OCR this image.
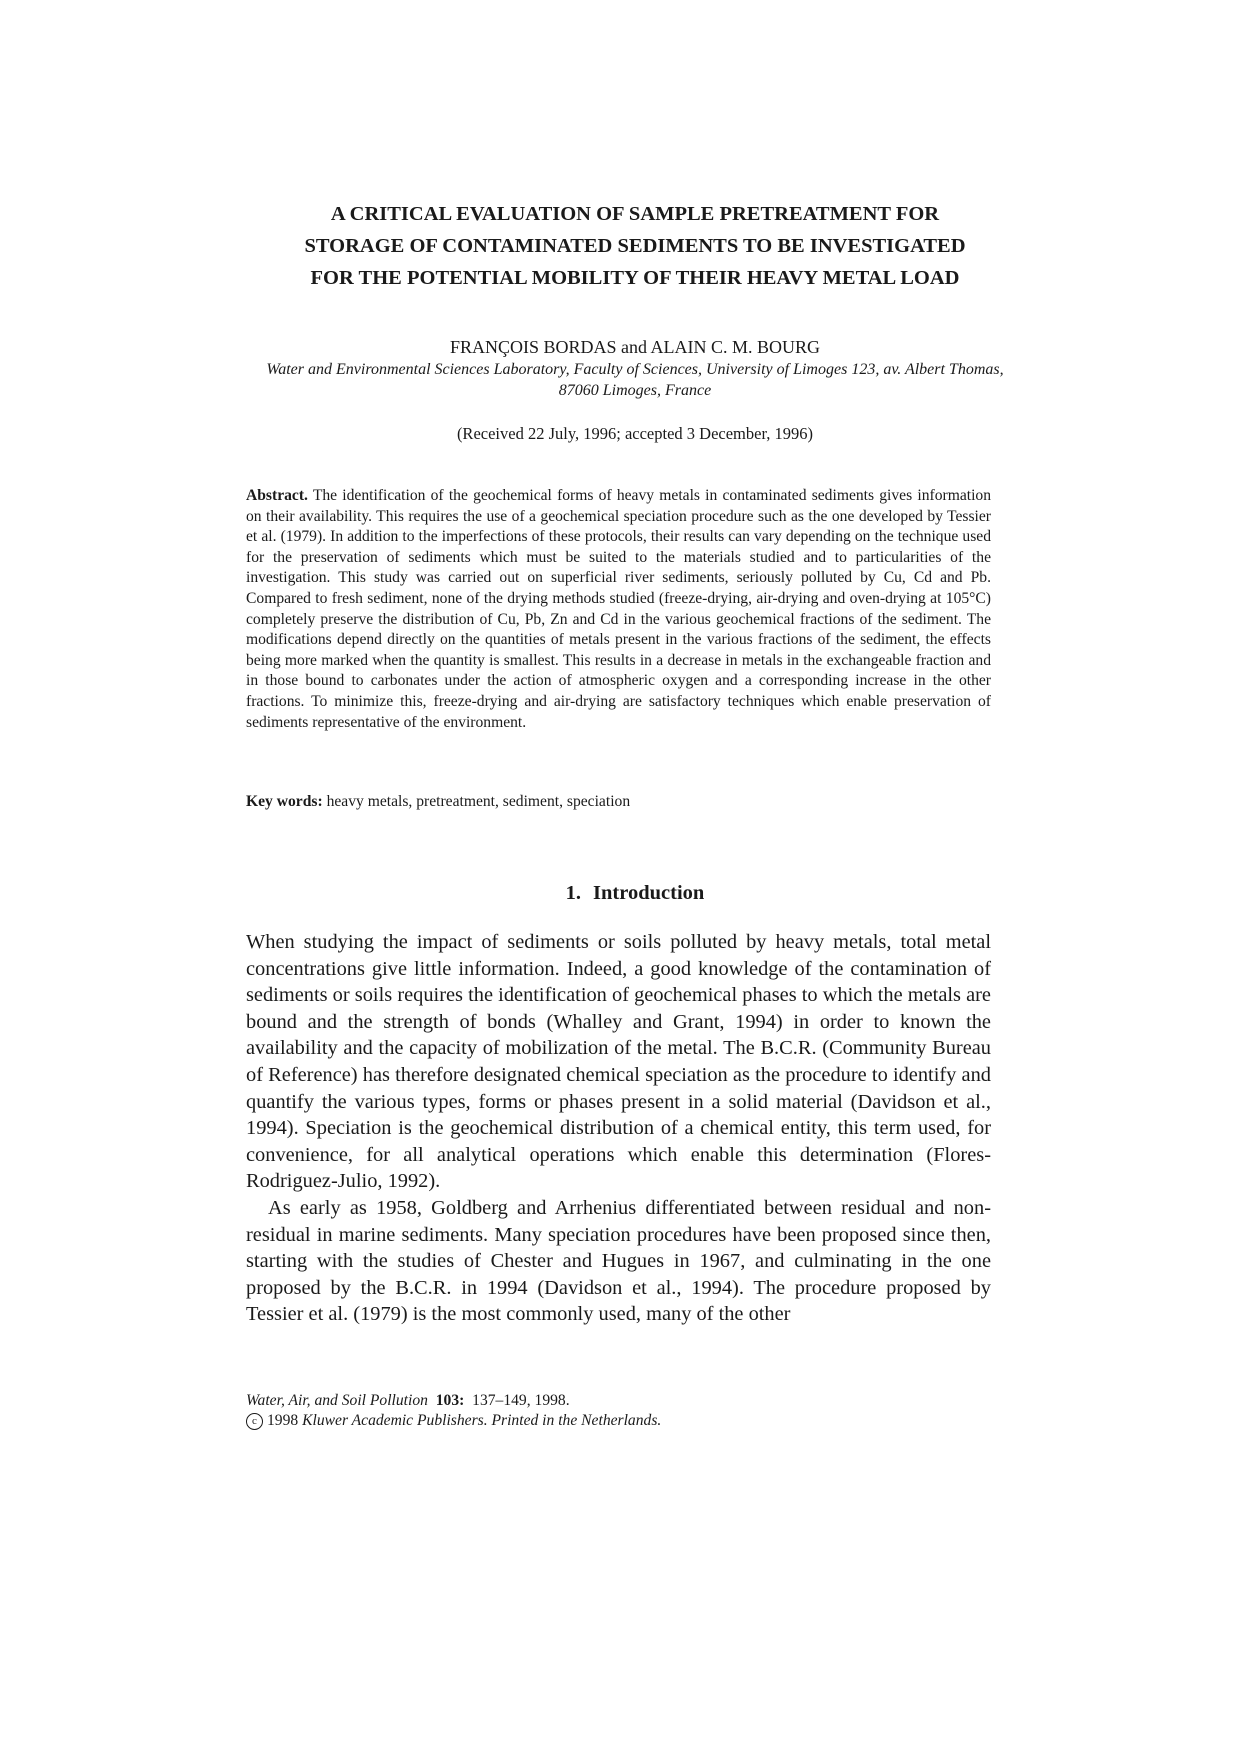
A CRITICAL EVALUATION OF SAMPLE PRETREATMENT FOR
STORAGE OF CONTAMINATED SEDIMENTS TO BE INVESTIGATED
FOR THE POTENTIAL MOBILITY OF THEIR HEAVY METAL LOAD
FRANÇOIS BORDAS and ALAIN C. M. BOURG
Water and Environmental Sciences Laboratory, Faculty of Sciences, University of Limoges 123, av. Albert Thomas, 87060 Limoges, France
(Received 22 July, 1996; accepted 3 December, 1996)
Abstract. The identification of the geochemical forms of heavy metals in contaminated sediments gives information on their availability. This requires the use of a geochemical speciation procedure such as the one developed by Tessier et al. (1979). In addition to the imperfections of these protocols, their results can vary depending on the technique used for the preservation of sediments which must be suited to the materials studied and to particularities of the investigation. This study was carried out on superficial river sediments, seriously polluted by Cu, Cd and Pb. Compared to fresh sediment, none of the drying methods studied (freeze-drying, air-drying and oven-drying at 105°C) completely preserve the distribution of Cu, Pb, Zn and Cd in the various geochemical fractions of the sediment. The modifications depend directly on the quantities of metals present in the various fractions of the sediment, the effects being more marked when the quantity is smallest. This results in a decrease in metals in the exchangeable fraction and in those bound to carbonates under the action of atmospheric oxygen and a corresponding increase in the other fractions. To minimize this, freeze-drying and air-drying are satisfactory techniques which enable preservation of sediments representative of the environment.
Key words: heavy metals, pretreatment, sediment, speciation
1. Introduction

When studying the impact of sediments or soils polluted by heavy metals, total metal concentrations give little information. Indeed, a good knowledge of the contamination of sediments or soils requires the identification of geochemical phases to which the metals are bound and the strength of bonds (Whalley and Grant, 1994) in order to known the availability and the capacity of mobilization of the metal. The B.C.R. (Community Bureau of Reference) has therefore designated chemical speciation as the procedure to identify and quantify the various types, forms or phases present in a solid material (Davidson et al., 1994). Speciation is the geochemical distribution of a chemical entity, this term used, for convenience, for all analytical operations which enable this determination (Flores-Rodriguez-Julio, 1992).

As early as 1958, Goldberg and Arrhenius differentiated between residual and non-residual in marine sediments. Many speciation procedures have been proposed since then, starting with the studies of Chester and Hugues in 1967, and culminating in the one proposed by the B.C.R. in 1994 (Davidson et al., 1994). The procedure proposed by Tessier et al. (1979) is the most commonly used, many of the other

Water, Air, and Soil Pollution 103: 137–149, 1998.
c 1998 Kluwer Academic Publishers. Printed in the Netherlands.
